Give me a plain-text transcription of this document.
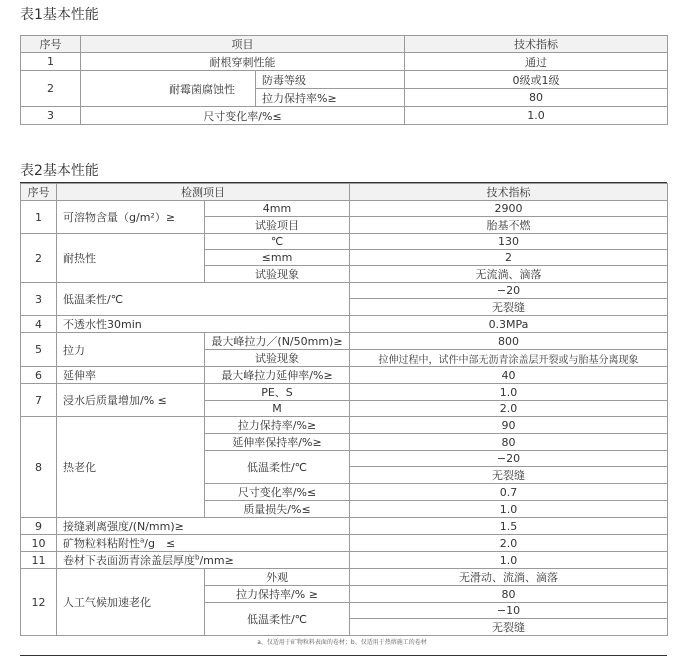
表1基本性能
序号	项目		技术指标
1	耐根穿刺性能		通过
2	耐霉菌腐蚀性	防毒等级	0级或1级
		拉力保持率%≥	80
3	尺寸变化率/%≤		1.0
表2基本性能
序号	检测项目		技术指标
1	可溶物含量（g/m²）≥	4mm	2900
		试验项目	胎基不燃
2	耐热性	℃	130
		≤mm	2
		试验现象	无流淌、滴落
3	低温柔性/℃		−20
			无裂缝
4	不透水性30min		0.3MPa
5	拉力	最大峰拉力／(N/50mm)≥	800
		试验现象	拉伸过程中，试件中部无沥青涂盖层开裂或与胎基分离现象
6	延伸率	最大峰拉力延伸率/%≥	40
7	浸水后质量增加/% ≤	PE、S	1.0
		M	2.0
8	热老化	拉力保持率/%≥	90
		延伸率保持率/%≥	80
		低温柔性/℃	−20
			无裂缝
		尺寸变化率/%≤	0.7
		质量损失/%≤	1.0
9	接缝剥离强度/(N/mm)≥		1.5
10	矿物粒料粘附性$^a$/g　≤		2.0
11	卷材下表面沥青涂盖层厚度$^b$/mm≥		1.0
12	人工气候加速老化	外观	无滑动、流淌、滴落
		拉力保持率/% ≥	80
		低温柔性/℃	−10
			无裂缝
a、仅适用于矿物粒料表面的卷材；b、仅适用于热熔施工的卷材
